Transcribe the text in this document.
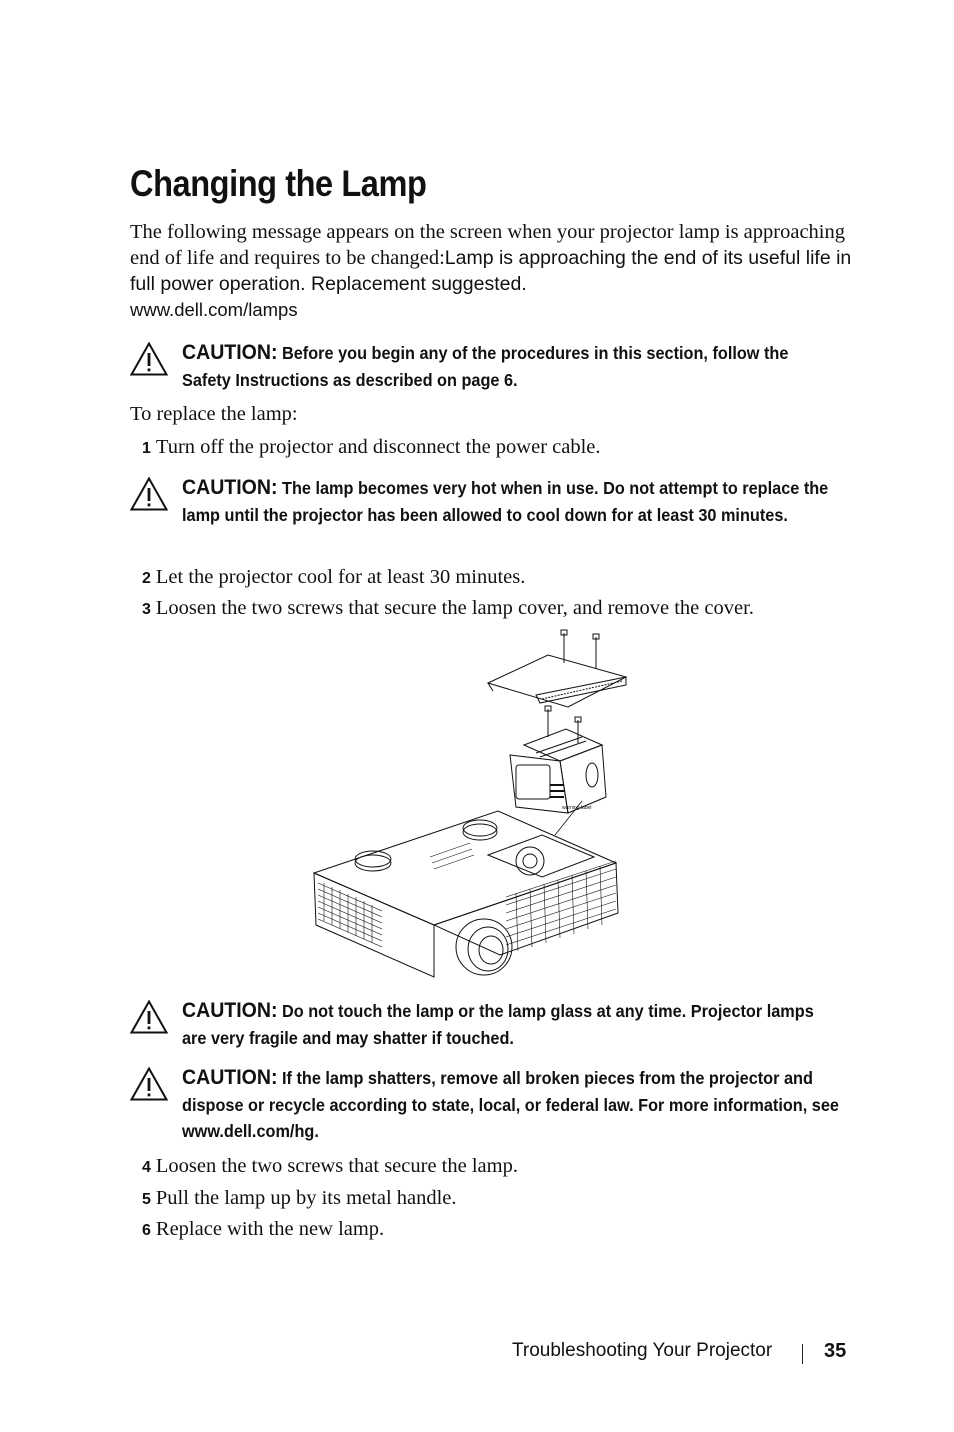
Changing the Lamp
The following message appears on the screen when your projector lamp is approaching end of life and requires to be changed:Lamp is approaching the end of its useful life in full power operation. Replacement suggested.
www.dell.com/lamps
CAUTION: Before you begin any of the procedures in this section, follow the Safety Instructions as described on page 6.
To replace the lamp:
1 Turn off the projector and disconnect the power cable.
CAUTION: The lamp becomes very hot when in use. Do not attempt to replace the lamp until the projector has been allowed to cool down for at least 30 minutes.
2 Let the projector cool for at least 30 minutes.
3 Loosen the two screws that secure the lamp cover, and remove the cover.
warning label
CAUTION: Do not touch the lamp or the lamp glass at any time. Projector lamps are very fragile and may shatter if touched.
CAUTION: If the lamp shatters, remove all broken pieces from the projector and dispose or recycle according to state, local, or federal law. For more information, see www.dell.com/hg.
4 Loosen the two screws that secure the lamp.
5 Pull the lamp up by its metal handle.
6 Replace with the new lamp.
Troubleshooting Your Projector	35
